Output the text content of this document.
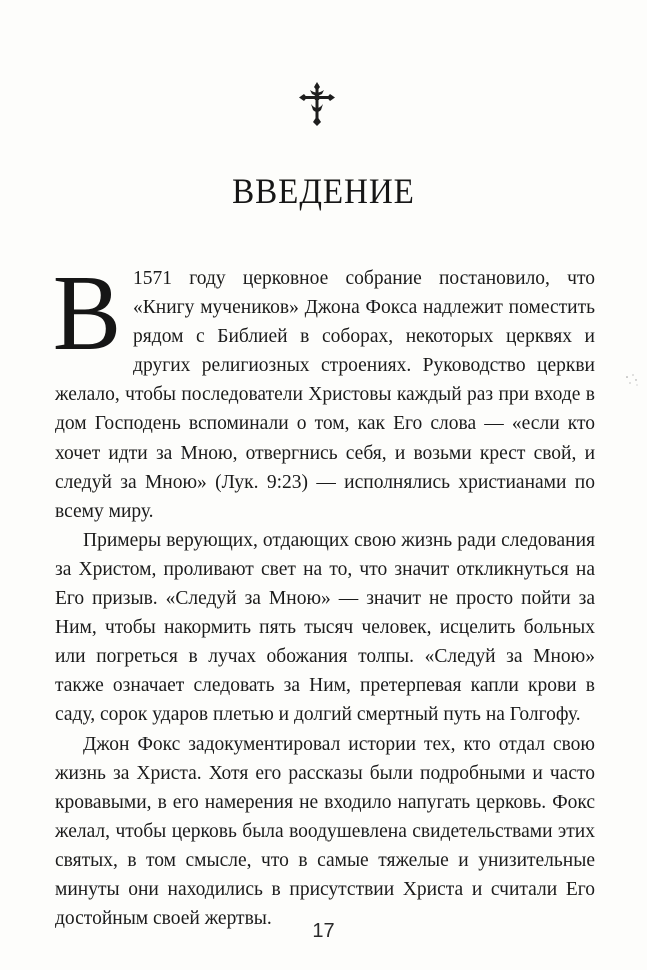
ВВЕДЕНИЕ

В 1571 году церковное собрание постановило, что «Книгу мучеников» Джона Фокса надлежит поместить рядом с Библией в соборах, некоторых церквях и других религиозных строениях. Руководство церкви желало, чтобы последователи Христовы каждый раз при входе в дом Господень вспоминали о том, как Его слова — «если кто хочет идти за Мною, отвергнись себя, и возьми крест свой, и следуй за Мною» (Лук. 9:23) — исполнялись христианами по всему миру.

Примеры верующих, отдающих свою жизнь ради следования за Христом, проливают свет на то, что значит откликнуться на Его призыв. «Следуй за Мною» — значит не просто пойти за Ним, чтобы накормить пять тысяч человек, исцелить больных или погреться в лучах обожания толпы. «Следуй за Мною» также означает следовать за Ним, претерпевая капли крови в саду, сорок ударов плетью и долгий смертный путь на Голгофу.

Джон Фокс задокументировал истории тех, кто отдал свою жизнь за Христа. Хотя его рассказы были подробными и часто кровавыми, в его намерения не входило напугать церковь. Фокс желал, чтобы церковь была воодушевлена свидетельствами этих святых, в том смысле, что в самые тяжелые и унизительные минуты они находились в присутствии Христа и считали Его достойным своей жертвы.

17
